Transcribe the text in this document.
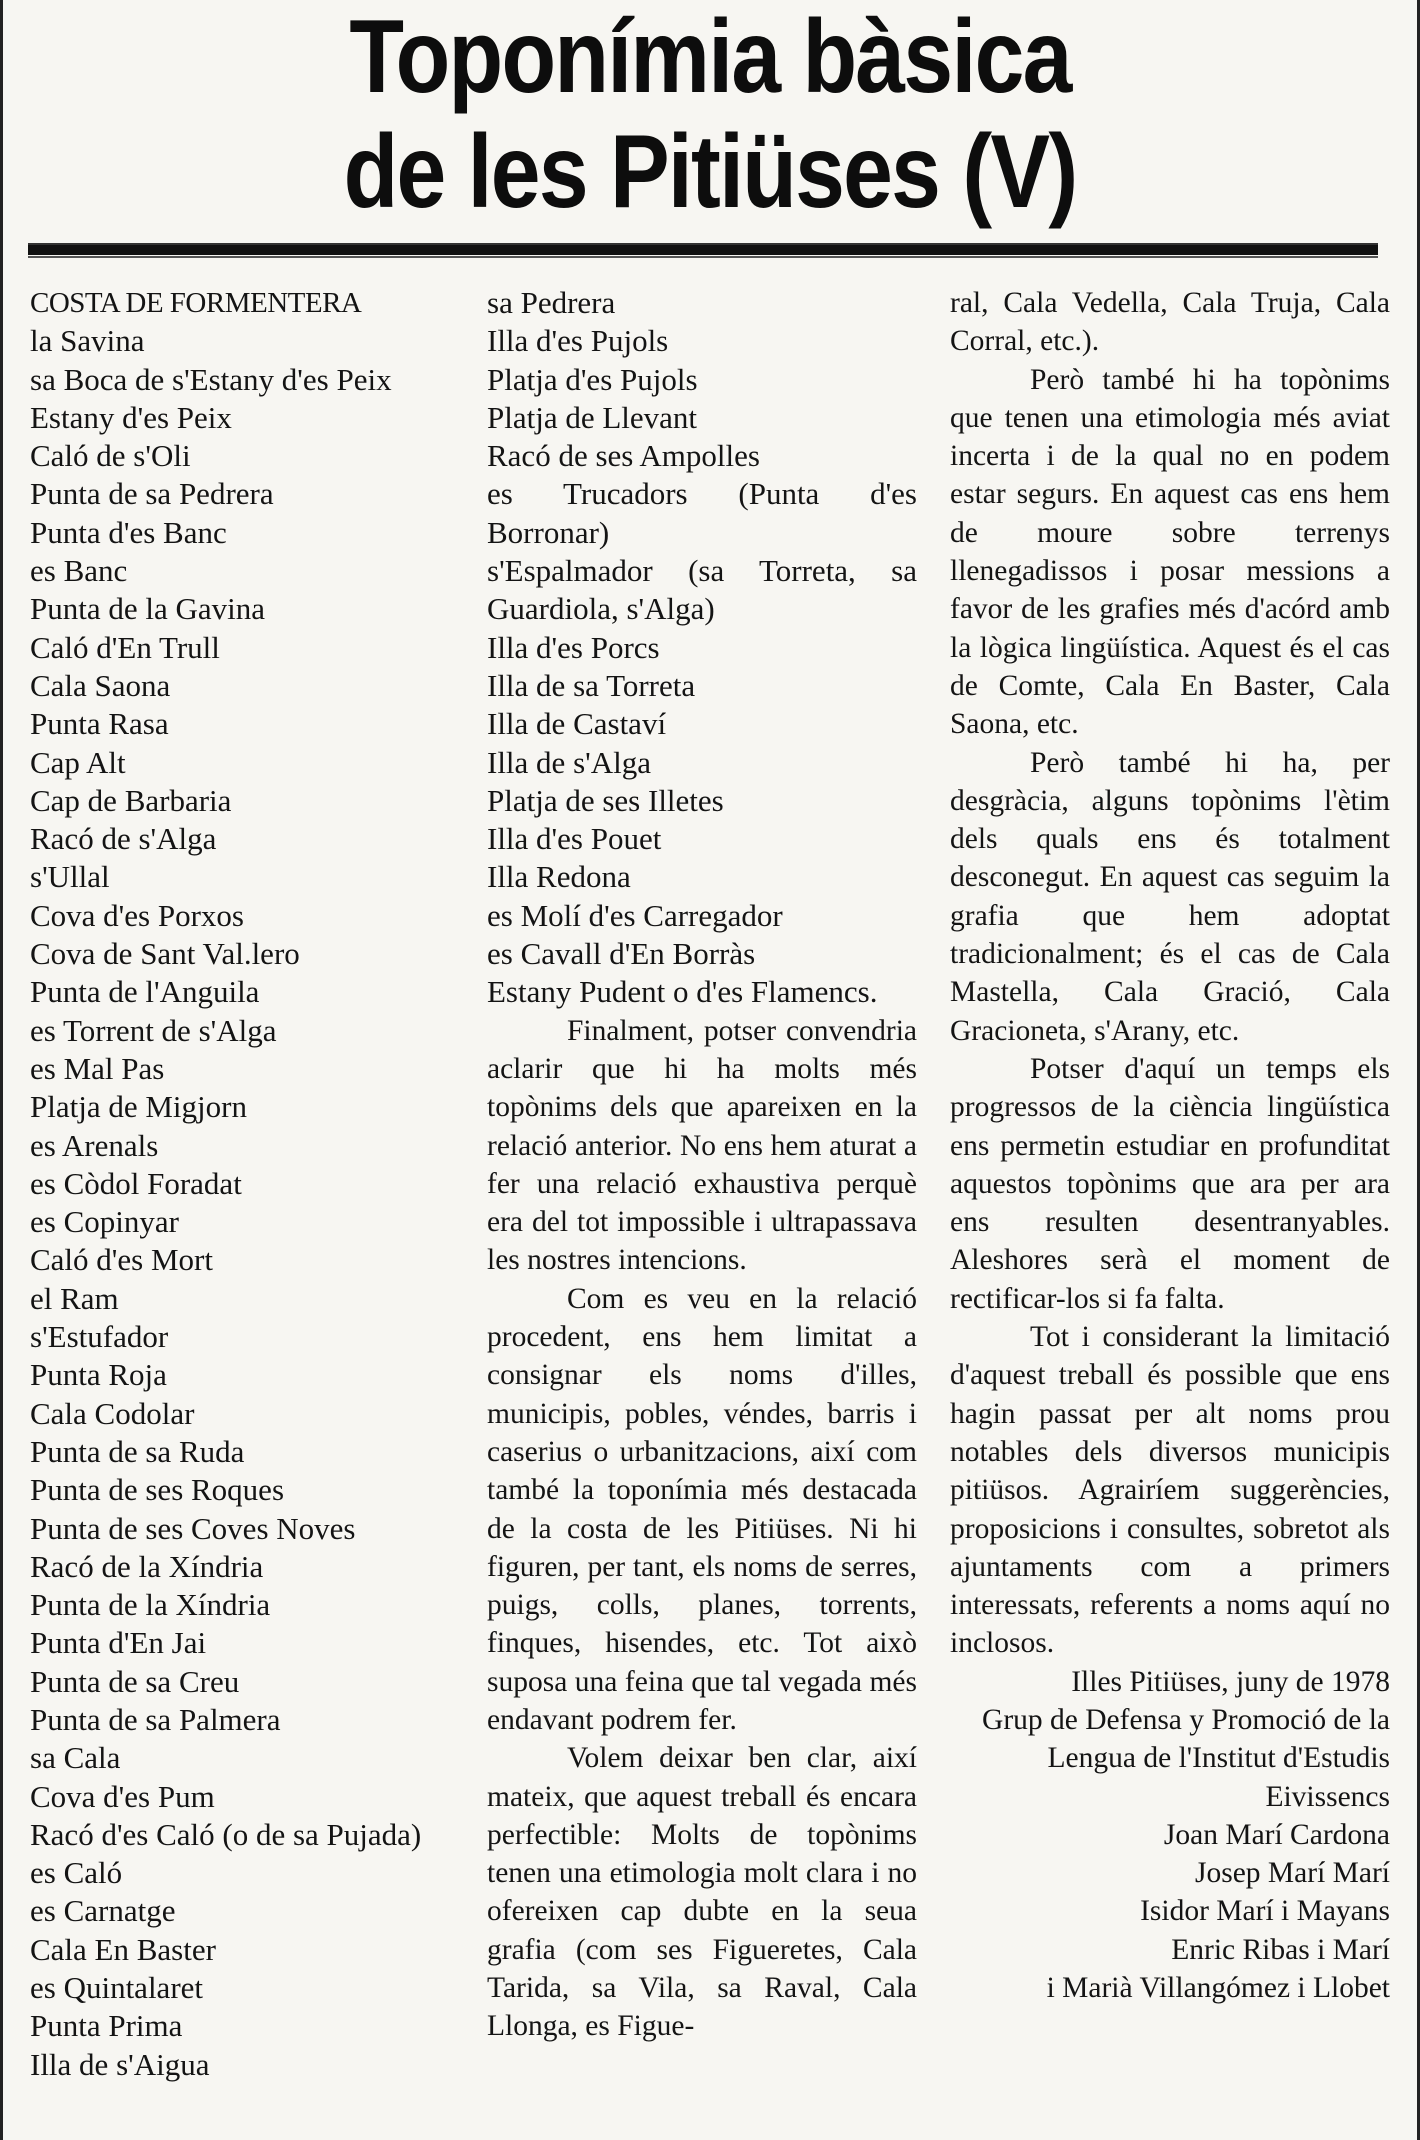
Toponímia bàsica
de les Pitiüses (V)
COSTA DE FORMENTERA
la Savina
sa Boca de s'Estany d'es Peix
Estany d'es Peix
Caló de s'Oli
Punta de sa Pedrera
Punta d'es Banc
es Banc
Punta de la Gavina
Caló d'En Trull
Cala Saona
Punta Rasa
Cap Alt
Cap de Barbaria
Racó de s'Alga
s'Ullal
Cova d'es Porxos
Cova de Sant Val.lero
Punta de l'Anguila
es Torrent de s'Alga
es Mal Pas
Platja de Migjorn
es Arenals
es Còdol Foradat
es Copinyar
Caló d'es Mort
el Ram
s'Estufador
Punta Roja
Cala Codolar
Punta de sa Ruda
Punta de ses Roques
Punta de ses Coves Noves
Racó de la Xíndria
Punta de la Xíndria
Punta d'En Jai
Punta de sa Creu
Punta de sa Palmera
sa Cala
Cova d'es Pum
Racó d'es Caló (o de sa Pujada)
es Caló
es Carnatge
Cala En Baster
es Quintalaret
Punta Prima
Illa de s'Aigua
sa Pedrera
Illa d'es Pujols
Platja d'es Pujols
Platja de Llevant
Racó de ses Ampolles
es Trucadors (Punta d'es Borronar)
s'Espalmador (sa Torreta, sa Guardiola, s'Alga)
Illa d'es Porcs
Illa de sa Torreta
Illa de Castaví
Illa de s'Alga
Platja de ses Illetes
Illa d'es Pouet
Illa Redona
es Molí d'es Carregador
es Cavall d'En Borràs
Estany Pudent o d'es Flamencs.

Finalment, potser convendria aclarir que hi ha molts més topònims dels que apareixen en la relació anterior. No ens hem aturat a fer una relació exhaustiva perquè era del tot impossible i ultrapassava les nostres intencions.

Com es veu en la relació procedent, ens hem limitat a consignar els noms d'illes, municipis, pobles, véndes, barris i caserius o urbanitzacions, així com també la toponímia més destacada de la costa de les Pitiüses. Ni hi figuren, per tant, els noms de serres, puigs, colls, planes, torrents, finques, hisendes, etc. Tot això suposa una feina que tal vegada més endavant podrem fer.

Volem deixar ben clar, així mateix, que aquest treball és encara perfectible: Molts de topònims tenen una etimologia molt clara i no ofereixen cap dubte en la seua grafia (com ses Figueretes, Cala Tarida, sa Vila, sa Raval, Cala Llonga, es Figue-

ral, Cala Vedella, Cala Truja, Cala Corral, etc.).

Però també hi ha topònims que tenen una etimologia més aviat incerta i de la qual no en podem estar segurs. En aquest cas ens hem de moure sobre terrenys llenegadissos i posar messions a favor de les grafies més d'acórd amb la lògica lingüística. Aquest és el cas de Comte, Cala En Baster, Cala Saona, etc.

Però també hi ha, per desgràcia, alguns topònims l'ètim dels quals ens és totalment desconegut. En aquest cas seguim la grafia que hem adoptat tradicionalment; és el cas de Cala Mastella, Cala Gració, Cala Gracioneta, s'Arany, etc.

Potser d'aquí un temps els progressos de la ciència lingüística ens permetin estudiar en profunditat aquestos topònims que ara per ara ens resulten desentranyables. Aleshores serà el moment de rectificar-los si fa falta.

Tot i considerant la limitació d'aquest treball és possible que ens hagin passat per alt noms prou notables dels diversos municipis pitiüsos. Agrairíem suggerències, proposicions i consultes, sobretot als ajuntaments com a primers interessats, referents a noms aquí no inclosos.

Illes Pitiüses, juny de 1978
Grup de Defensa y Promoció de la Lengua de l'Institut d'Estudis Eivissencs
Joan Marí Cardona
Josep Marí Marí
Isidor Marí i Mayans
Enric Ribas i Marí
i Marià Villangómez i Llobet
